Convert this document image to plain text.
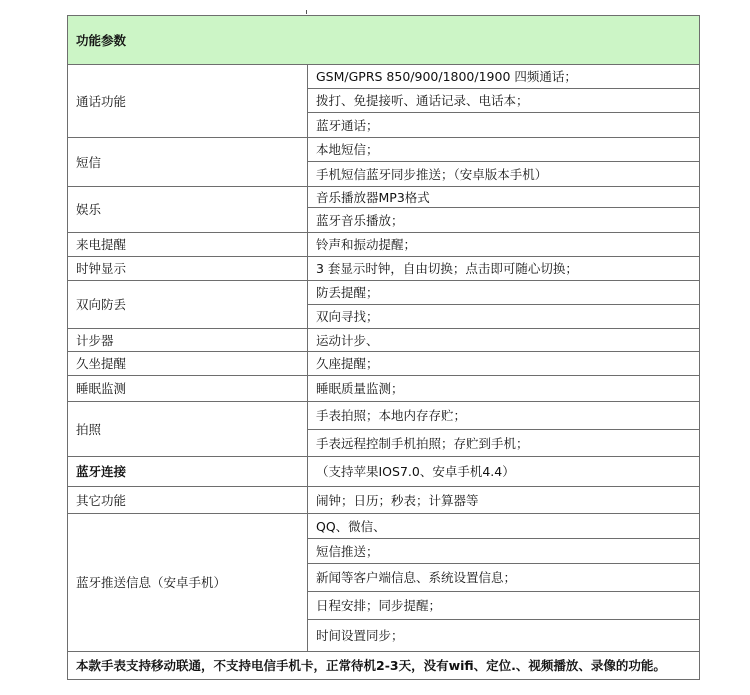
功能参数	
通话功能	GSM/GPRS 850/900/1800/1900 四频通话；
	拨打、免提接听、通话记录、电话本；
	蓝牙通话；
短信	本地短信；
	手机短信蓝牙同步推送；（安卓版本手机）
娱乐	音乐播放器MP3格式
	蓝牙音乐播放；
来电提醒	铃声和振动提醒；
时钟显示	3 套显示时钟，自由切换；点击即可随心切换；
双向防丢	防丢提醒；
	双向寻找；
计步器	运动计步、
久坐提醒	久座提醒；
睡眠监测	睡眠质量监测；
拍照	手表拍照；本地内存存贮；
	手表远程控制手机拍照；存贮到手机；
蓝牙连接	（支持苹果IOS7.0、安卓手机4.4）
其它功能	闹钟；日历；秒表；计算器等
蓝牙推送信息（安卓手机）	QQ、微信、
	短信推送；
	新闻等客户端信息、系统设置信息；
	日程安排；同步提醒；
	时间设置同步；
本款手表支持移动联通，不支持电信手机卡，正常待机2-3天，没有wifi、定位.、视频播放、录像的功能。	
